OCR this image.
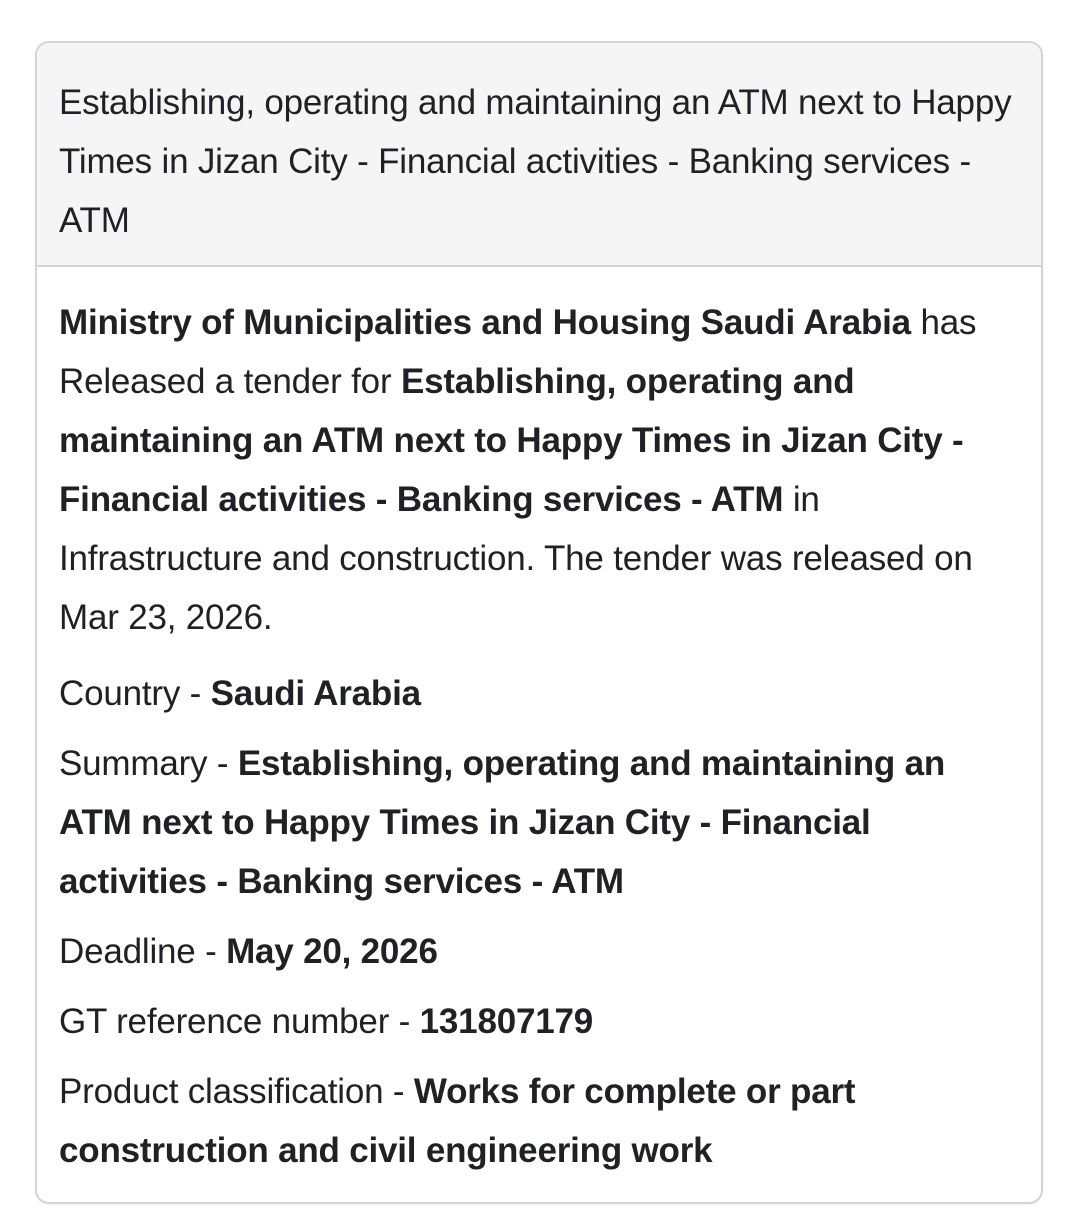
Establishing, operating and maintaining an ATM next to Happy Times in Jizan City - Financial activities - Banking services - ATM

Ministry of Municipalities and Housing Saudi Arabia has Released a tender for Establishing, operating and maintaining an ATM next to Happy Times in Jizan City - Financial activities - Banking services - ATM in Infrastructure and construction. The tender was released on Mar 23, 2026.

Country - Saudi Arabia

Summary - Establishing, operating and maintaining an ATM next to Happy Times in Jizan City - Financial activities - Banking services - ATM

Deadline - May 20, 2026

GT reference number - 131807179

Product classification - Works for complete or part construction and civil engineering work
